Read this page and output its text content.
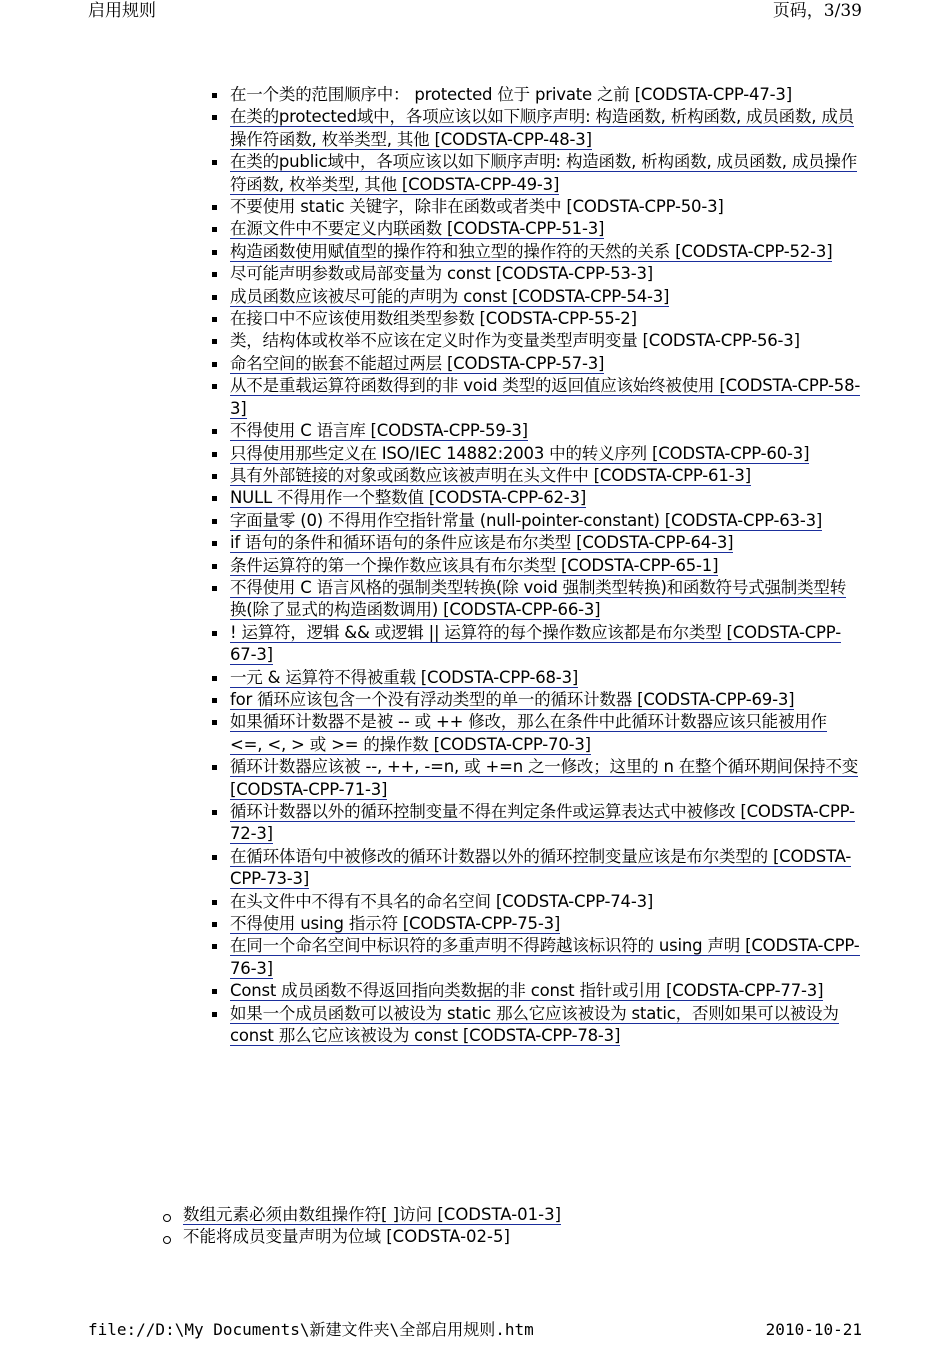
启用规则	页码，3/39
在一个类的范围顺序中： protected 位于 private 之前 [CODSTA-CPP-47-3]
在类的protected域中，各项应该以如下顺序声明: 构造函数, 析构函数, 成员函数, 成员操作符函数, 枚举类型, 其他 [CODSTA-CPP-48-3]
在类的public域中，各项应该以如下顺序声明: 构造函数, 析构函数, 成员函数, 成员操作符函数, 枚举类型, 其他 [CODSTA-CPP-49-3]
不要使用 static 关键字，除非在函数或者类中 [CODSTA-CPP-50-3]
在源文件中不要定义内联函数 [CODSTA-CPP-51-3]
构造函数使用赋值型的操作符和独立型的操作符的天然的关系 [CODSTA-CPP-52-3]
尽可能声明参数或局部变量为 const [CODSTA-CPP-53-3]
成员函数应该被尽可能的声明为 const [CODSTA-CPP-54-3]
在接口中不应该使用数组类型参数 [CODSTA-CPP-55-2]
类，结构体或枚举不应该在定义时作为变量类型声明变量 [CODSTA-CPP-56-3]
命名空间的嵌套不能超过两层 [CODSTA-CPP-57-3]
从不是重载运算符函数得到的非 void 类型的返回值应该始终被使用 [CODSTA-CPP-58-3]
不得使用 C 语言库 [CODSTA-CPP-59-3]
只得使用那些定义在 ISO/IEC 14882:2003 中的转义序列 [CODSTA-CPP-60-3]
具有外部链接的对象或函数应该被声明在头文件中 [CODSTA-CPP-61-3]
NULL 不得用作一个整数值 [CODSTA-CPP-62-3]
字面量零 (0) 不得用作空指针常量 (null-pointer-constant) [CODSTA-CPP-63-3]
if 语句的条件和循环语句的条件应该是布尔类型 [CODSTA-CPP-64-3]
条件运算符的第一个操作数应该具有布尔类型 [CODSTA-CPP-65-1]
不得使用 C 语言风格的强制类型转换(除 void 强制类型转换)和函数符号式强制类型转换(除了显式的构造函数调用) [CODSTA-CPP-66-3]
! 运算符，逻辑 && 或逻辑 || 运算符的每个操作数应该都是布尔类型 [CODSTA-CPP-67-3]
一元 & 运算符不得被重载 [CODSTA-CPP-68-3]
for 循环应该包含一个没有浮动类型的单一的循环计数器 [CODSTA-CPP-69-3]
如果循环计数器不是被 -- 或 ++ 修改，那么在条件中此循环计数器应该只能被用作 <=, <, > 或 >= 的操作数 [CODSTA-CPP-70-3]
循环计数器应该被 --, ++, -=n, 或 +=n 之一修改；这里的 n 在整个循环期间保持不变 [CODSTA-CPP-71-3]
循环计数器以外的循环控制变量不得在判定条件或运算表达式中被修改 [CODSTA-CPP-72-3]
在循环体语句中被修改的循环计数器以外的循环控制变量应该是布尔类型的 [CODSTA-CPP-73-3]
在头文件中不得有不具名的命名空间 [CODSTA-CPP-74-3]
不得使用 using 指示符 [CODSTA-CPP-75-3]
在同一个命名空间中标识符的多重声明不得跨越该标识符的 using 声明 [CODSTA-CPP-76-3]
Const 成员函数不得返回指向类数据的非 const 指针或引用 [CODSTA-CPP-77-3]
如果一个成员函数可以被设为 static 那么它应该被设为 static，否则如果可以被设为 const 那么它应该被设为 const [CODSTA-CPP-78-3]
数组元素必须由数组操作符[ ]访问 [CODSTA-01-3]
不能将成员变量声明为位域 [CODSTA-02-5]
file://D:\My Documents\新建文件夹\全部启用规则.htm	2010-10-21
